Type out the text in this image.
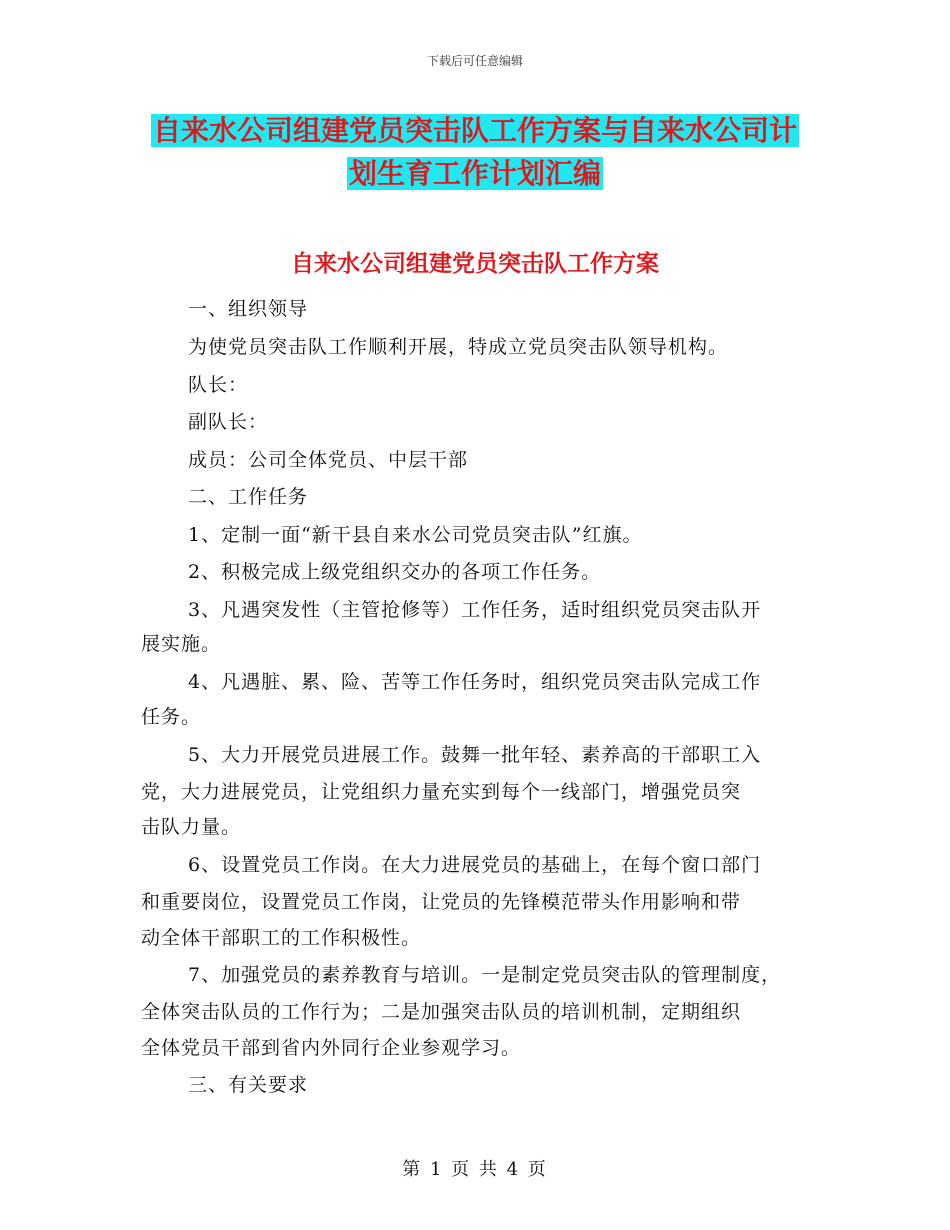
下载后可任意编辑
自来水公司组建党员突击队工作方案与自来水公司计
划生育工作计划汇编
自来水公司组建党员突击队工作方案
一、组织领导
为使党员突击队工作顺利开展，特成立党员突击队领导机构。
队长：
副队长：
成员：公司全体党员、中层干部
二、工作任务
1、定制一面“新干县自来水公司党员突击队”红旗。
2、积极完成上级党组织交办的各项工作任务。
3、凡遇突发性（主管抢修等）工作任务，适时组织党员突击队开
展实施。
4、凡遇脏、累、险、苦等工作任务时，组织党员突击队完成工作
任务。
5、大力开展党员进展工作。鼓舞一批年轻、素养高的干部职工入
党，大力进展党员，让党组织力量充实到每个一线部门，增强党员突
击队力量。
6、设置党员工作岗。在大力进展党员的基础上，在每个窗口部门
和重要岗位，设置党员工作岗，让党员的先锋模范带头作用影响和带
动全体干部职工的工作积极性。
7、加强党员的素养教育与培训。一是制定党员突击队的管理制度，
全体突击队员的工作行为；二是加强突击队员的培训机制，定期组织
全体党员干部到省内外同行企业参观学习。
三、有关要求
第 1 页 共 4 页
